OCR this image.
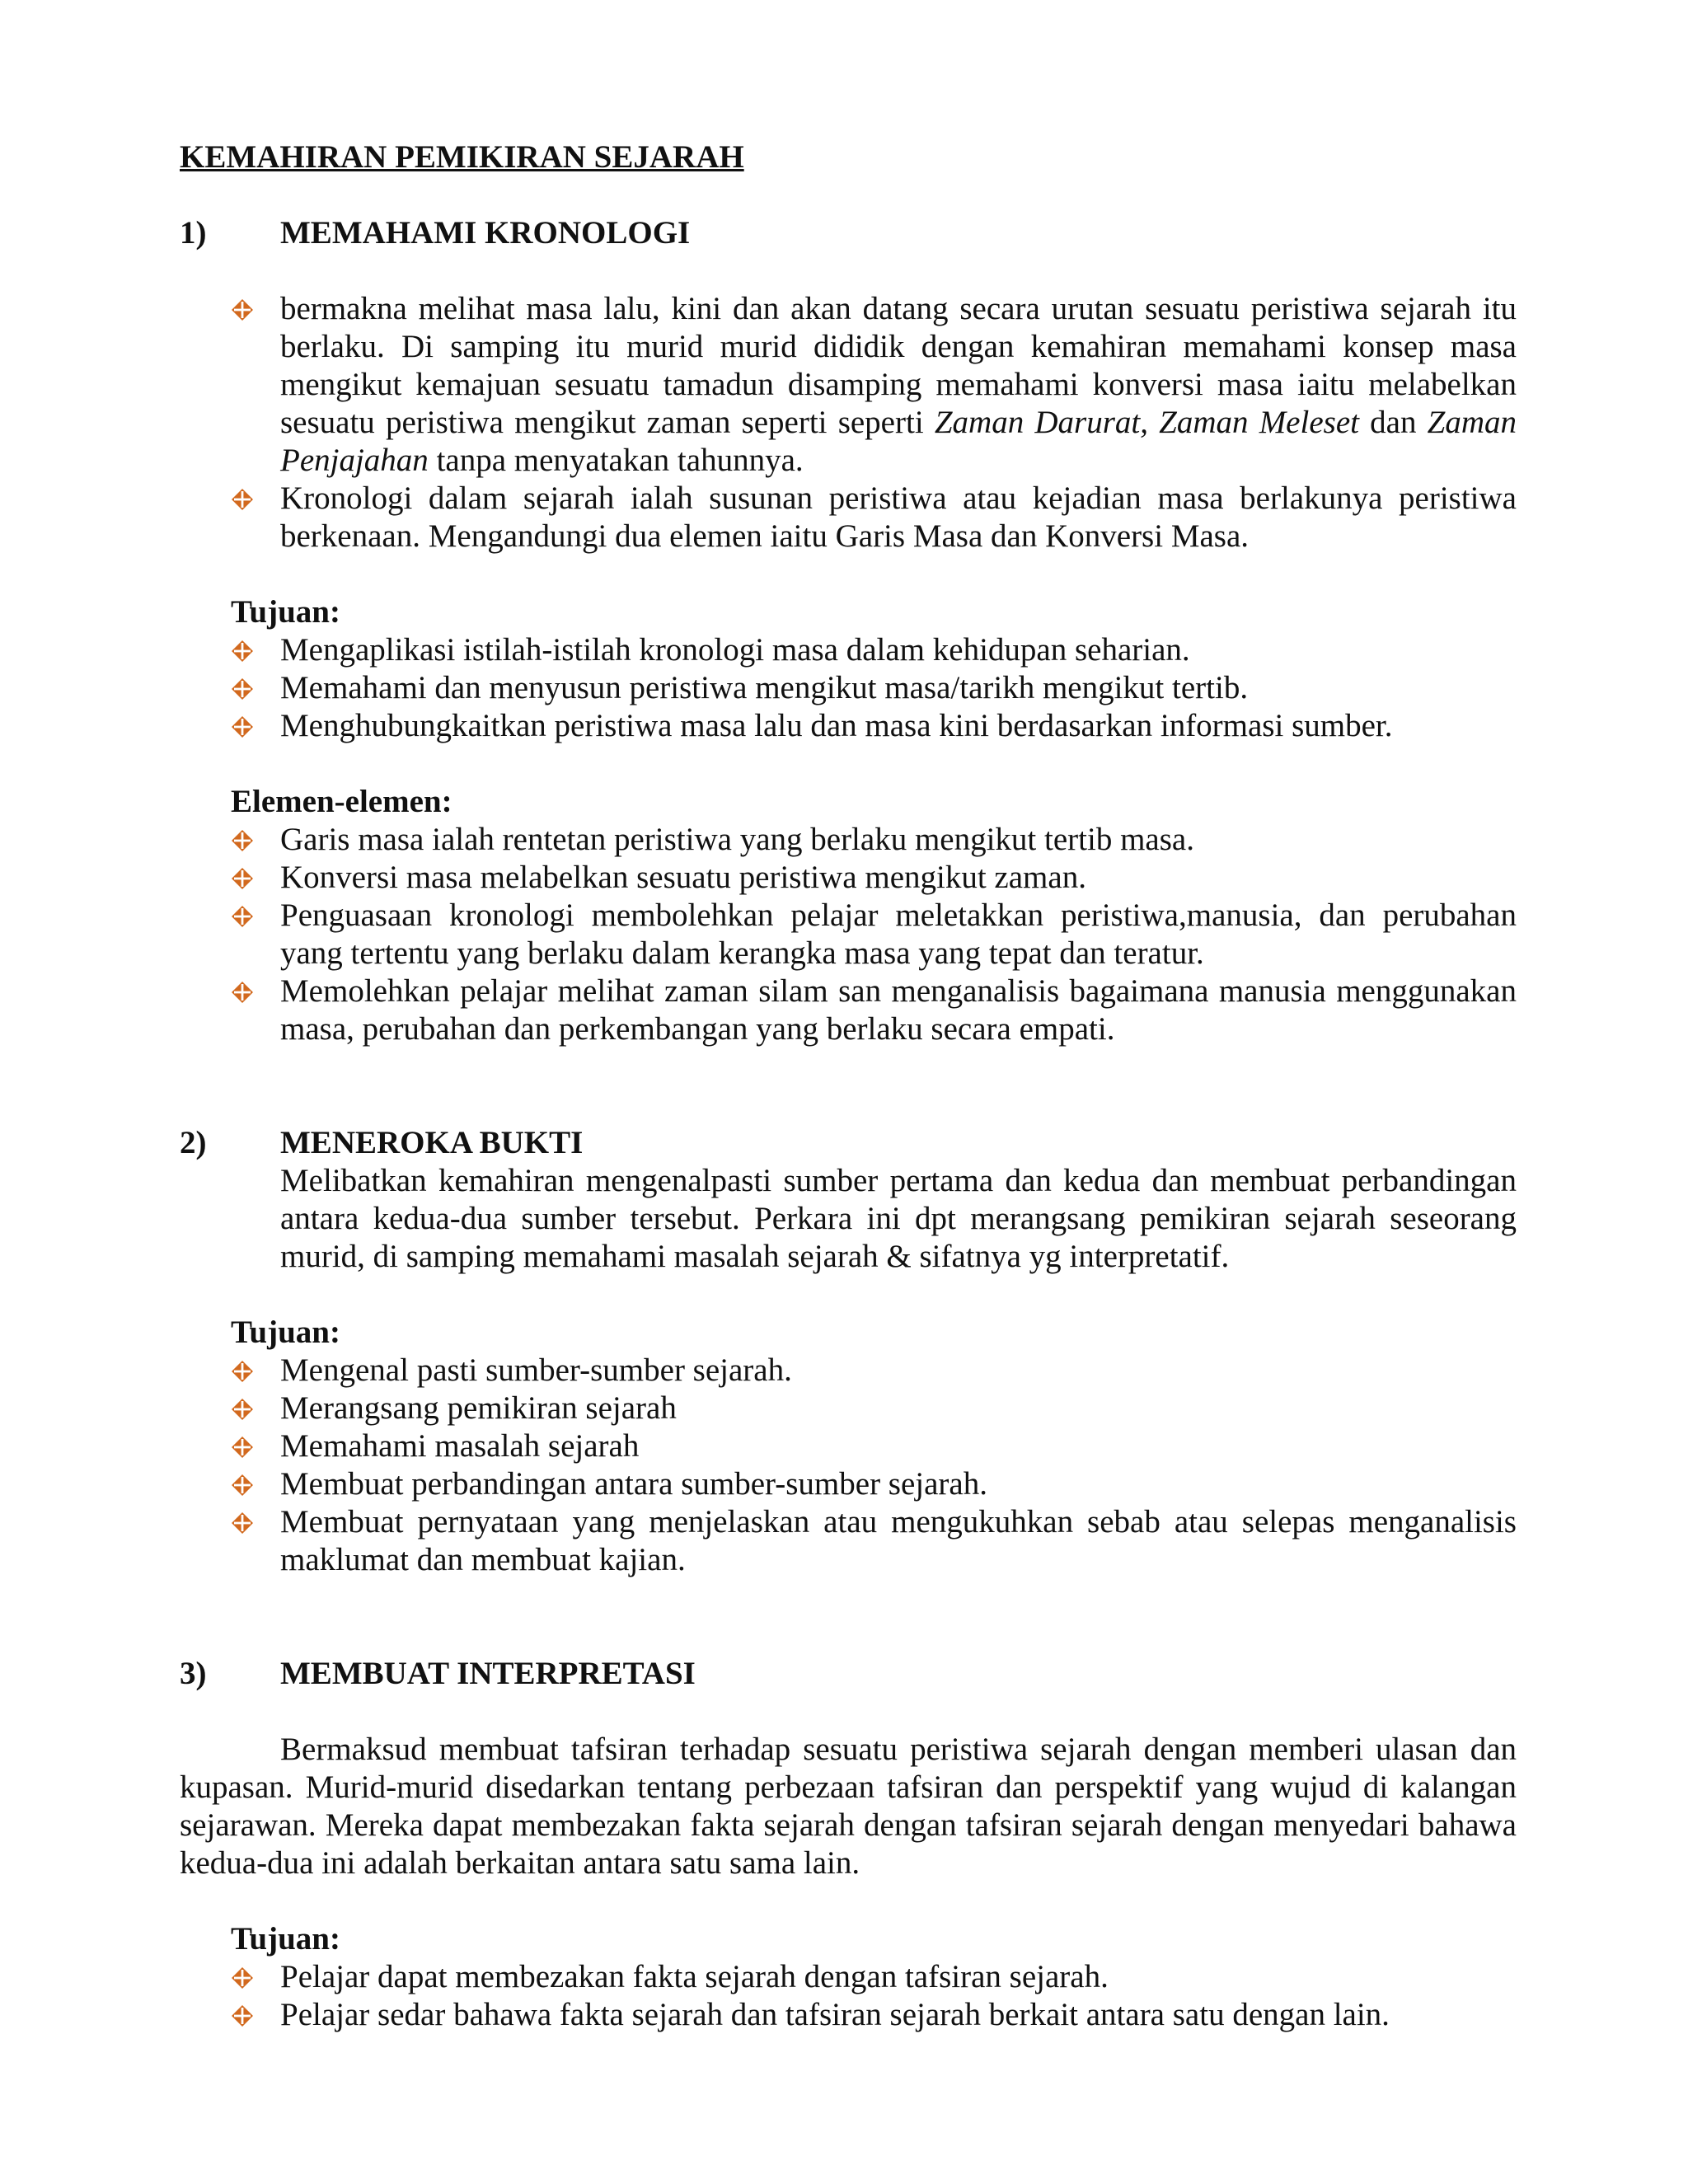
KEMAHIRAN PEMIKIRAN SEJARAH

1)	MEMAHAMI KRONOLOGI
bermakna melihat masa lalu, kini dan akan datang secara urutan sesuatu peristiwa sejarah itu berlaku. Di samping itu murid murid dididik dengan kemahiran memahami konsep masa mengikut kemajuan sesuatu tamadun disamping memahami konversi masa iaitu melabelkan sesuatu peristiwa mengikut zaman seperti seperti Zaman Darurat, Zaman Meleset dan Zaman Penjajahan tanpa menyatakan tahunnya.
Kronologi dalam sejarah ialah susunan peristiwa atau kejadian masa berlakunya peristiwa berkenaan. Mengandungi dua elemen iaitu Garis Masa dan Konversi Masa.

Tujuan:

Mengaplikasi istilah-istilah kronologi masa dalam kehidupan seharian.
Memahami dan menyusun peristiwa mengikut masa/tarikh mengikut tertib.
Menghubungkaitkan peristiwa masa lalu dan masa kini berdasarkan informasi sumber.

Elemen-elemen:

Garis masa ialah rentetan peristiwa yang berlaku mengikut tertib masa.
Konversi masa melabelkan sesuatu peristiwa mengikut zaman.
Penguasaan kronologi membolehkan pelajar meletakkan peristiwa,manusia, dan perubahan yang tertentu yang berlaku dalam kerangka masa yang tepat dan teratur.
Memolehkan pelajar melihat zaman silam san menganalisis bagaimana manusia menggunakan masa, perubahan dan perkembangan yang berlaku secara empati.
2)	MENEROKA BUKTI

Melibatkan kemahiran mengenalpasti sumber pertama dan kedua dan membuat perbandingan antara kedua-dua sumber tersebut. Perkara ini dpt merangsang pemikiran sejarah seseorang murid, di samping memahami masalah sejarah & sifatnya yg interpretatif.

Tujuan:

Mengenal pasti sumber-sumber sejarah.
Merangsang pemikiran sejarah
Memahami masalah sejarah
Membuat perbandingan antara sumber-sumber sejarah.
Membuat pernyataan yang menjelaskan atau mengukuhkan sebab atau selepas menganalisis maklumat dan membuat kajian.
3)	MEMBUAT INTERPRETASI

Bermaksud membuat tafsiran terhadap sesuatu peristiwa sejarah dengan memberi ulasan dan kupasan. Murid-murid disedarkan tentang perbezaan tafsiran dan perspektif yang wujud di kalangan sejarawan. Mereka dapat membezakan fakta sejarah dengan tafsiran sejarah dengan menyedari bahawa kedua-dua ini adalah berkaitan antara satu sama lain.

Tujuan:

Pelajar dapat membezakan fakta sejarah dengan tafsiran sejarah.
Pelajar sedar bahawa fakta sejarah dan tafsiran sejarah berkait antara satu dengan lain.
